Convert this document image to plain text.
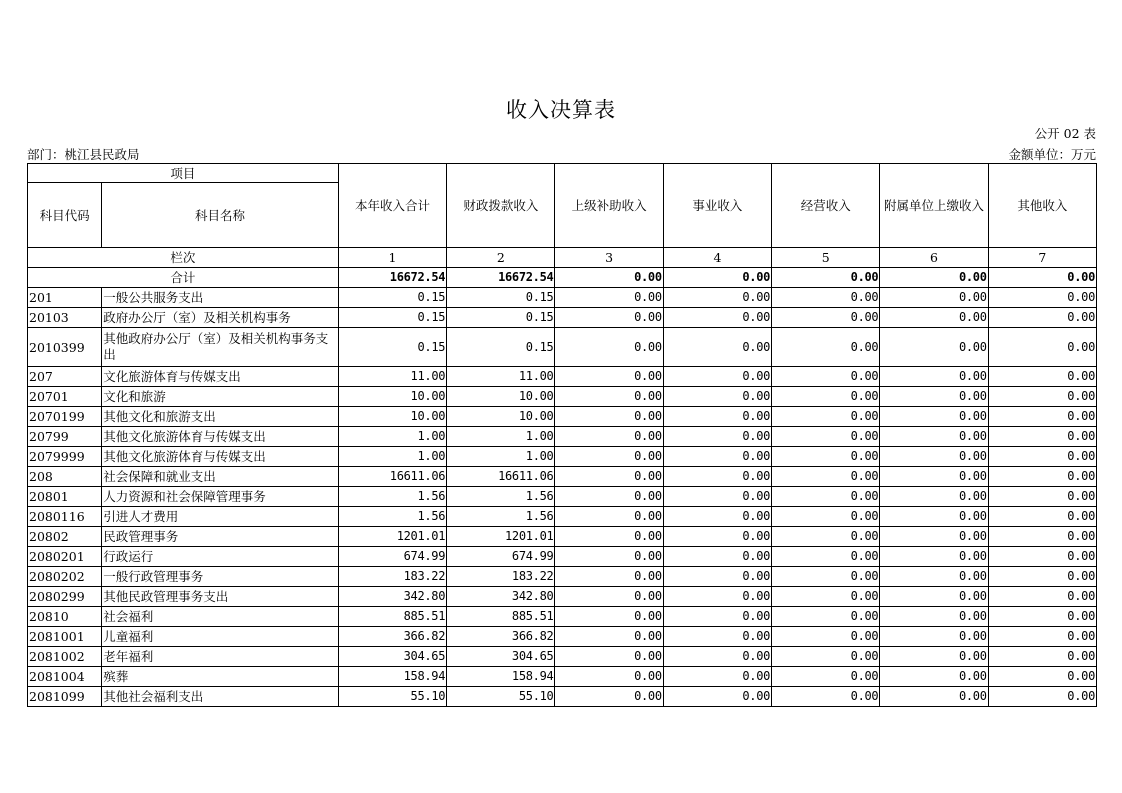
收入决算表
公开 02 表
部门：桃江县民政局	金额单位：万元
项目		本年收入合计	财政拨款收入	上级补助收入	事业收入	经营收入	附属单位上缴收入	其他收入
科目代码	科目名称							
栏次		1	2	3	4	5	6	7
合计		16672.54	16672.54	0.00	0.00	0.00	0.00	0.00
201	一般公共服务支出	0.15	0.15	0.00	0.00	0.00	0.00	0.00
20103	政府办公厅（室）及相关机构事务	0.15	0.15	0.00	0.00	0.00	0.00	0.00
2010399	其他政府办公厅（室）及相关机构事务支出	0.15	0.15	0.00	0.00	0.00	0.00	0.00
207	文化旅游体育与传媒支出	11.00	11.00	0.00	0.00	0.00	0.00	0.00
20701	文化和旅游	10.00	10.00	0.00	0.00	0.00	0.00	0.00
2070199	其他文化和旅游支出	10.00	10.00	0.00	0.00	0.00	0.00	0.00
20799	其他文化旅游体育与传媒支出	1.00	1.00	0.00	0.00	0.00	0.00	0.00
2079999	其他文化旅游体育与传媒支出	1.00	1.00	0.00	0.00	0.00	0.00	0.00
208	社会保障和就业支出	16611.06	16611.06	0.00	0.00	0.00	0.00	0.00
20801	人力资源和社会保障管理事务	1.56	1.56	0.00	0.00	0.00	0.00	0.00
2080116	引进人才费用	1.56	1.56	0.00	0.00	0.00	0.00	0.00
20802	民政管理事务	1201.01	1201.01	0.00	0.00	0.00	0.00	0.00
2080201	行政运行	674.99	674.99	0.00	0.00	0.00	0.00	0.00
2080202	一般行政管理事务	183.22	183.22	0.00	0.00	0.00	0.00	0.00
2080299	其他民政管理事务支出	342.80	342.80	0.00	0.00	0.00	0.00	0.00
20810	社会福利	885.51	885.51	0.00	0.00	0.00	0.00	0.00
2081001	儿童福利	366.82	366.82	0.00	0.00	0.00	0.00	0.00
2081002	老年福利	304.65	304.65	0.00	0.00	0.00	0.00	0.00
2081004	殡葬	158.94	158.94	0.00	0.00	0.00	0.00	0.00
2081099	其他社会福利支出	55.10	55.10	0.00	0.00	0.00	0.00	0.00
